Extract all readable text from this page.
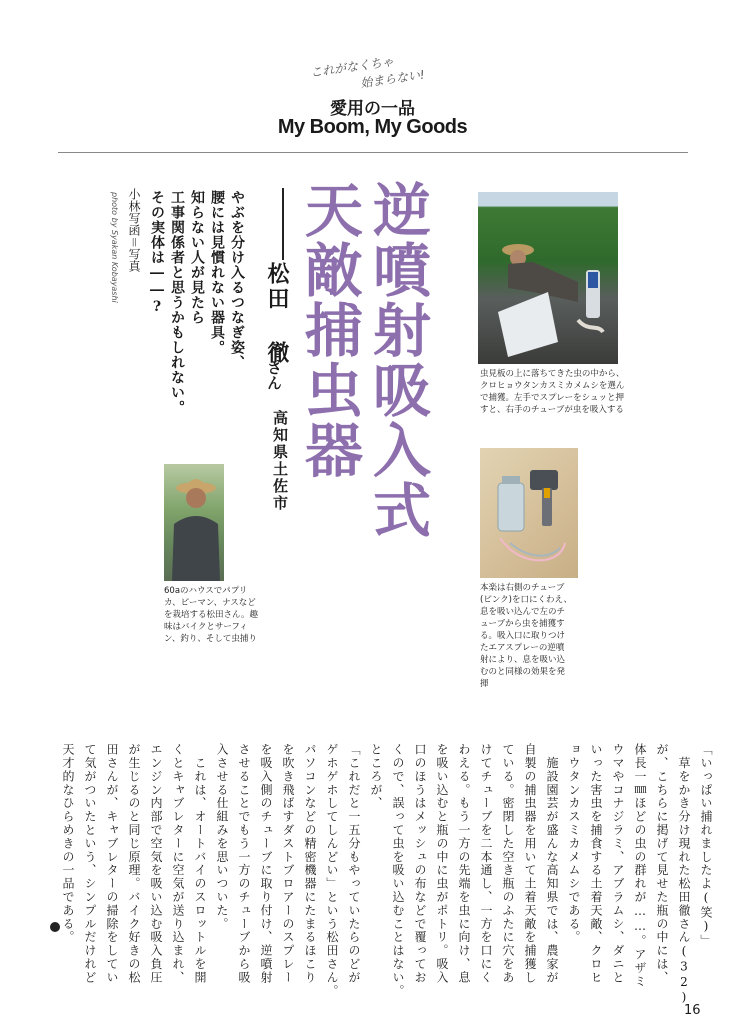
これがなくちゃ
始まらない!
愛用の一品
My Boom, My Goods
逆噴射吸入式
天敵捕虫器
松田 徹
さん
高知県土佐市
やぶを分け入るつなぎ姿、
腰には見慣れない器具。
知らない人が見たら
工事関係者と思うかもしれない。
その実体は――?
小林写函＝写真
photo by Syakan Kobayashi
虫見板の上に落ちてきた虫の中から、クロヒョウタンカスミカメムシを選んで捕獲。左手でスプレーをシュッと押すと、右手のチューブが虫を吸入する
本楽は右側のチューブ(ピンク)を口にくわえ、息を吸い込んで左のチューブから虫を捕獲する。吸入口に取りつけたエアスプレーの逆噴射により、息を吸い込むのと同様の効果を発揮
60aのハウスでパプリカ、ピーマン、ナスなどを栽培する松田さん。趣味はバイクとサーフィン、釣り、そして虫捕り
「いっぱい捕れましたよ(笑)」
　草をかき分け現れた松田徹さん(32)
が、こちらに掲げて見せた瓶の中には、
体長一㎜ほどの虫の群れが……。アザミ
ウマやコナジラミ、アブラムシ、ダニと
いった害虫を捕食する土着天敵、クロヒ
ョウタンカスミカメムシである。
　施設園芸が盛んな高知県では、農家が
自製の捕虫器を用いて土着天敵を捕獲し
ている。密閉した空き瓶のふたに穴をあ
けてチューブを二本通し、一方を口にく
わえる。もう一方の先端を虫に向け、息
を吸い込むと瓶の中に虫がポトリ。吸入
口のほうはメッシュの布などで覆ってお
くので、誤って虫を吸い込むことはない。
ところが、
「これだと一五分もやっていたらのどが
ゲホゲホしてしんどい」という松田さん。
パソコンなどの精密機器にたまるほこり
を吹き飛ばすダストブロアーのスプレー
を吸入側のチューブに取り付け、逆噴射
させることでもう一方のチューブから吸
入させる仕組みを思いついた。
　これは、オートバイのスロットルを開
くとキャブレターに空気が送り込まれ、
エンジン内部で空気を吸い込む吸入負圧
が生じるのと同じ原理。バイク好きの松
田さんが、キャブレターの掃除をしてい
て気がついたという、シンプルだけれど
天才的なひらめきの一品である。
16
